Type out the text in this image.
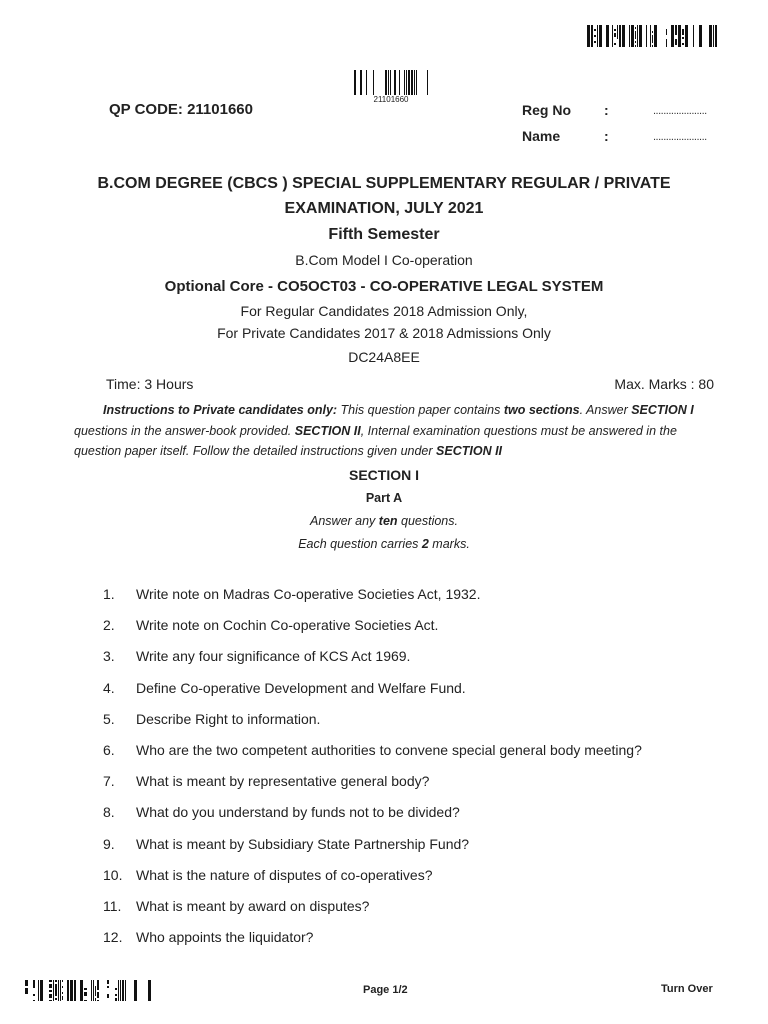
21101660
QP CODE: 21101660	Reg No :	.....................
Name	:	.....................
B.COM DEGREE (CBCS ) SPECIAL SUPPLEMENTARY REGULAR / PRIVATE
EXAMINATION, JULY 2021
Fifth Semester
B.Com Model I Co-operation
Optional Core - CO5OCT03 - CO-OPERATIVE LEGAL SYSTEM
For Regular Candidates 2018 Admission Only,
For Private Candidates 2017 & 2018 Admissions Only
DC24A8EE
Time: 3 Hours	Max. Marks : 80
Instructions to Private candidates only: This question paper contains two sections. Answer SECTION I questions in the answer-book provided. SECTION II, Internal examination questions must be answered in the question paper itself. Follow the detailed instructions given under SECTION II
SECTION I
Part A
Answer any ten questions.
Each question carries 2 marks.
1. Write note on Madras Co-operative Societies Act, 1932.
2. Write note on Cochin Co-operative Societies Act.
3. Write any four significance of KCS Act 1969.
4. Define Co-operative Development and Welfare Fund.
5. Describe Right to information.
6. Who are the two competent authorities to convene special general body meeting?
7. What is meant by representative general body?
8. What do you understand by funds not to be divided?
9. What is meant by Subsidiary State Partnership Fund?
10. What is the nature of disputes of co-operatives?
11. What is meant by award on disputes?
12. Who appoints the liquidator?
Page 1/2	Turn Over
